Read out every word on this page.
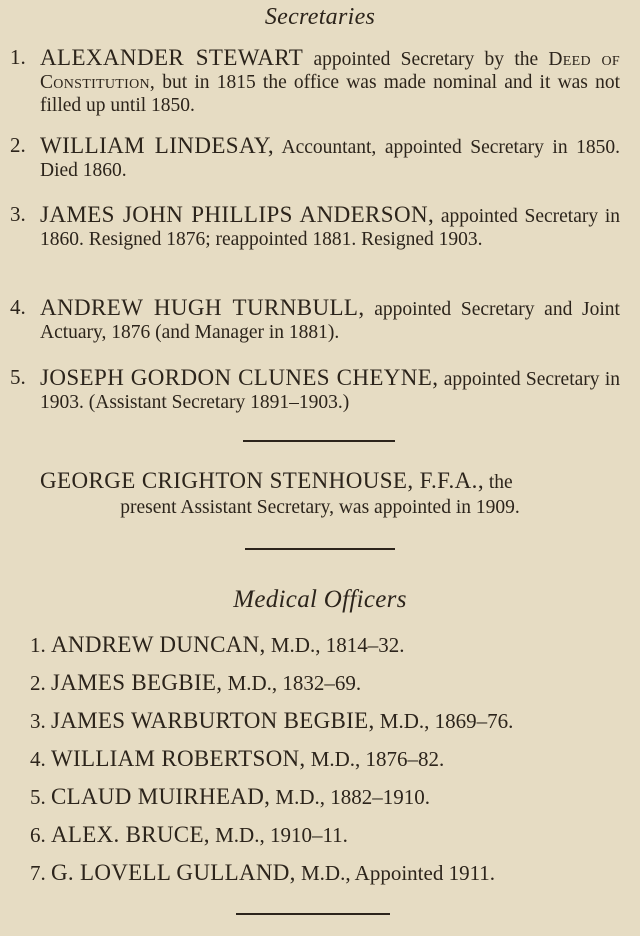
Secretaries
1. ALEXANDER STEWART appointed Secretary by the Deed of Constitution, but in 1815 the office was made nominal and it was not filled up until 1850.
2. WILLIAM LINDESAY, Accountant, appointed Secretary in 1850. Died 1860.
3. JAMES JOHN PHILLIPS ANDERSON, appointed Secretary in 1860. Resigned 1876; reappointed 1881. Resigned 1903.
4. ANDREW HUGH TURNBULL, appointed Secretary and Joint Actuary, 1876 (and Manager in 1881).
5. JOSEPH GORDON CLUNES CHEYNE, appointed Secretary in 1903. (Assistant Secretary 1891–1903.)
GEORGE CRIGHTON STENHOUSE, F.F.A., the
present Assistant Secretary, was appointed in 1909.
Medical Officers
1. ANDREW DUNCAN, M.D., 1814–32.
2. JAMES BEGBIE, M.D., 1832–69.
3. JAMES WARBURTON BEGBIE, M.D., 1869–76.
4. WILLIAM ROBERTSON, M.D., 1876–82.
5. CLAUD MUIRHEAD, M.D., 1882–1910.
6. ALEX. BRUCE, M.D., 1910–11.
7. G. LOVELL GULLAND, M.D., Appointed 1911.
